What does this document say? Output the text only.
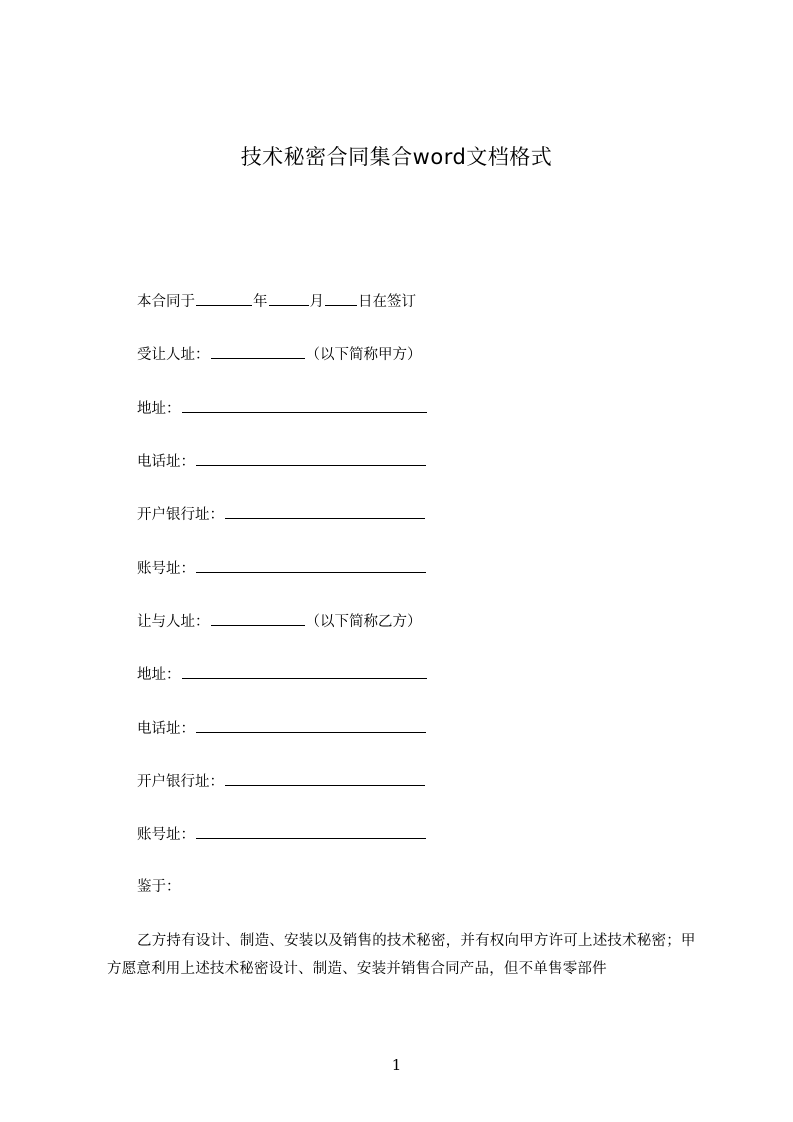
技术秘密合同集合word文档格式
本合同于	年	月 日在签订
受让人址：	（以下简称甲方）
地址：
电话址：
开户银行址：
账号址：
让与人址：	（以下简称乙方）
地址：
电话址：
开户银行址：
账号址：
鉴于：
乙方持有设计、制造、安装以及销售的技术秘密，并有权向甲方许可上述技术秘密；甲方愿意利用上述技术秘密设计、制造、安装并销售合同产品，但不单售零部件
1
